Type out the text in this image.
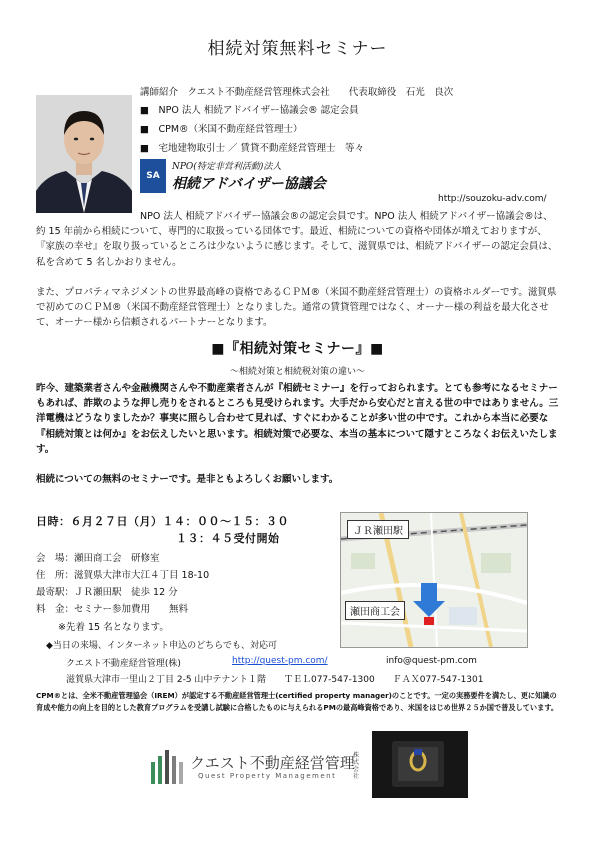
相続対策無料セミナー
講師紹介　クエスト不動産経営管理株式会社　　代表取締役　石光　良次
■　 NPO 法人 相続アドバイザー協議会® 認定会員
■　 CPM®（米国不動産経営管理士）
■　 宅地建物取引士 ／ 賃貸不動産経営管理士　等々
SA
NPO(特定非営利活動)法人
相続アドバイザー協議会
http://souzoku-adv.com/
NPO 法人 相続アドバイザー協議会®の認定会員です。NPO 法人 相続アドバイザー協議会®は、約 15 年前から相続について、専門的に取扱っている団体です。最近、相続についての資格や団体が増えておりますが、『家族の幸せ』を取り扱っているところは少ないように感じます。そして、滋賀県では、相続アドバイザーの認定会員は、私を含めて 5 名しかおりません。
また、プロパティマネジメントの世界最高峰の資格であるＣＰＭ®（米国不動産経営管理士）の資格ホルダーです。滋賀県で初めてのＣＰＭ®（米国不動産経営管理士）となりました。通常の賃貸管理ではなく、オーナー様の利益を最大化させて、オーナー様から信頼されるパートナーとなります。
■『相続対策セミナー』■
～相続対策と相続税対策の違い～
昨今、建築業者さんや金融機関さんや不動産業者さんが『相続セミナー』を行っておられます。とても参考になるセミナーもあれば、詐欺のような押し売りをされるところも見受けられます。大手だから安心だと言える世の中ではありません。三洋電機はどうなりましたか？事実に照らし合わせて見れば、すぐにわかることが多い世の中です。これから本当に必要な『相続対策とは何か』をお伝えしたいと思います。相続対策で必要な、本当の基本について隠すところなくお伝えいたします。
相続についての無料のセミナーです。是非ともよろしくお願いします。
日時：６月２７日（月）１４：００～１５：３０
１３：４５受付開始
会　場：瀬田商工会　研修室
住　所：滋賀県大津市大江４丁目 18-10
最寄駅：ＪＲ瀬田駅　徒歩 12 分
料　金：セミナー参加費用　　無料
※先着 15 名となります。
◆当日の来場、インターネット申込のどちらでも、対応可
クエスト不動産経営管理(株)	http://quest-pm.com/	info@quest-pm.com
滋賀県大津市一里山２丁目 2-5 山中テナント１階　　ＴＥＬ077-547-1300　　ＦＡＸ077-547-1301
ＪＲ瀬田駅
瀬田商工会
CPM®とは、全米不動産管理協会（IREM）が認定する不動産経営管理士(certified property manager)のことです。一定の実務要件を満たし、更に知識の育成や能力の向上を目的とした教育プログラムを受講し試験に合格したものに与えられるPMの最高峰資格であり、米国をはじめ世界２５か国で普及しています。
クエスト不動産経営管理
株式会社
Quest Property Management
